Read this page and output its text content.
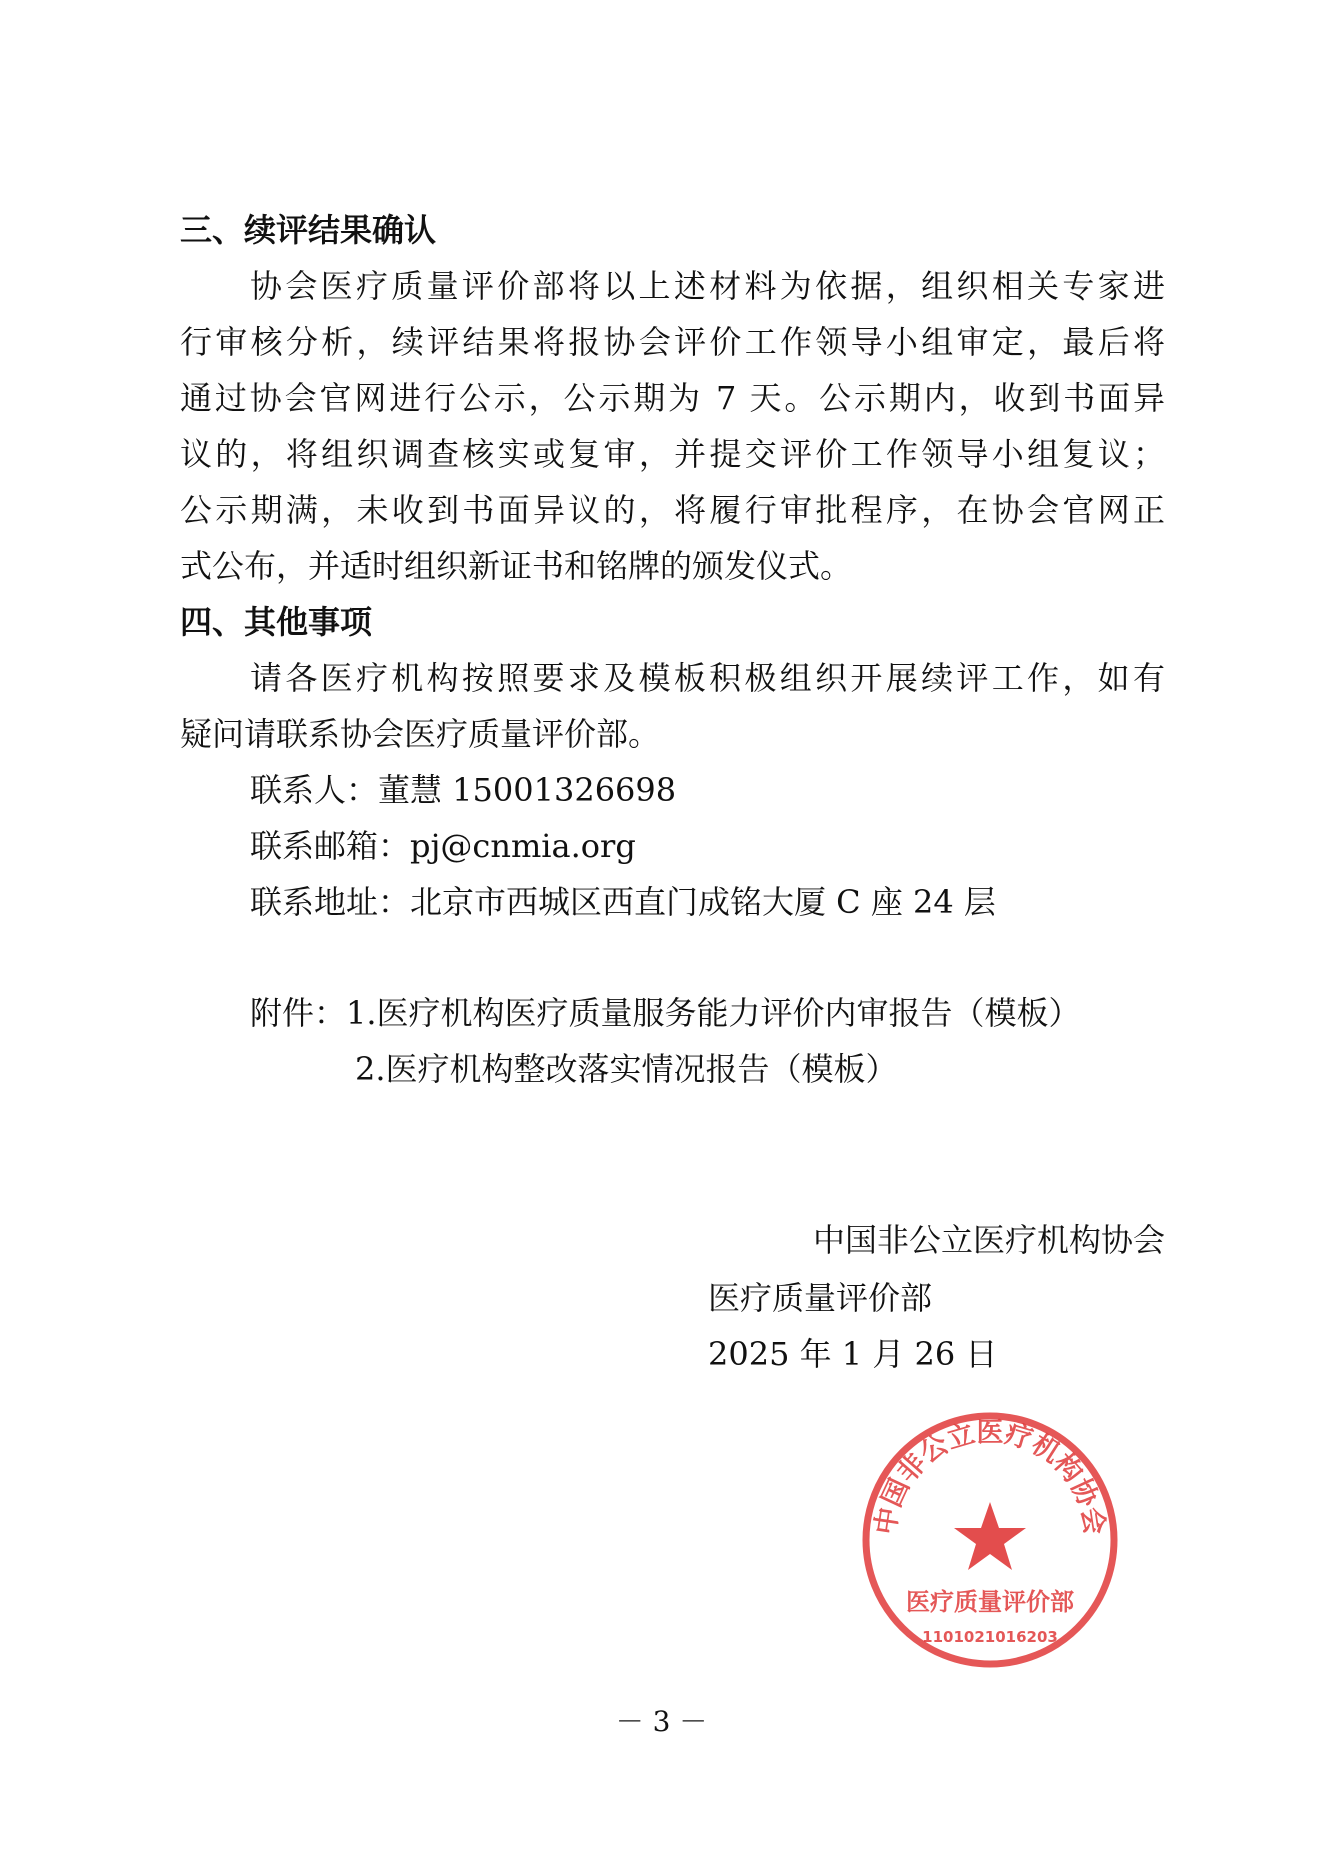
三、续评结果确认
协会医疗质量评价部将以上述材料为依据，组织相关专家进
行审核分析，续评结果将报协会评价工作领导小组审定，最后将
通过协会官网进行公示，公示期为 7 天。公示期内，收到书面异
议的，将组织调查核实或复审，并提交评价工作领导小组复议；
公示期满，未收到书面异议的，将履行审批程序，在协会官网正
式公布，并适时组织新证书和铭牌的颁发仪式。
四、其他事项
请各医疗机构按照要求及模板积极组织开展续评工作，如有
疑问请联系协会医疗质量评价部。
联系人：董慧 15001326698
联系邮箱：pj@cnmia.org
联系地址：北京市西城区西直门成铭大厦 C 座 24 层
附件：1.医疗机构医疗质量服务能力评价内审报告（模板）
2.医疗机构整改落实情况报告（模板）
中国非公立医疗机构协会
医疗质量评价部
1101021016203
中国非公立医疗机构协会
医疗质量评价部
2025 年 1 月 26 日
－ 3 －
